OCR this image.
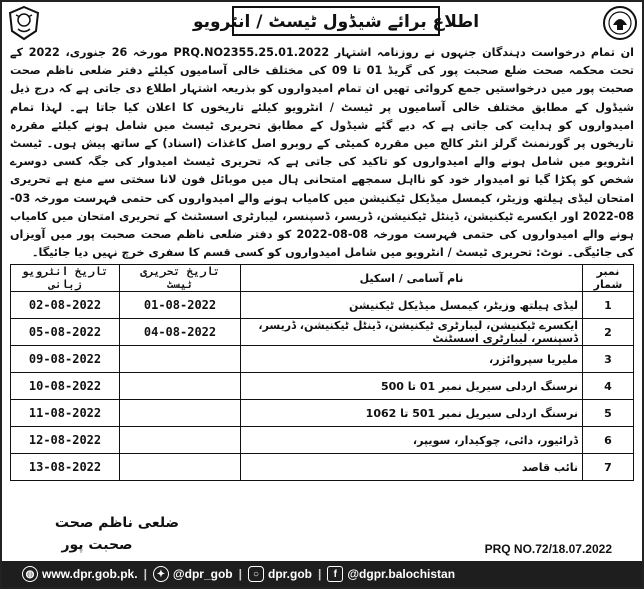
اطلاع برائے شیڈول ٹیسٹ / انٹرویو
ان تمام درخواست دہندگان جنہوں نے روزنامہ اشتہار PRQ.NO2355.25.01.2022 مورخہ 26 جنوری، 2022 کے تحت محکمہ صحت ضلع صحبت پور کی گریڈ 01 تا 09 کی مختلف خالی آسامیوں کیلئے دفتر ضلعی ناظم صحت صحبت پور میں درخواستیں جمع کروائی تھیں ان تمام امیدواروں کو بذریعہ اشتہار اطلاع دی جاتی ہے کہ درج ذیل شیڈول کے مطابق مختلف خالی آسامیوں پر ٹیسٹ / انٹرویو کیلئے تاریخوں کا اعلان کیا جاتا ہے۔ لہذا تمام امیدواروں کو ہدایت کی جاتی ہے کہ دیے گئے شیڈول کے مطابق تحریری ٹیسٹ میں شامل ہونے کیلئے مقررہ تاریخوں پر گورنمنٹ گرلز انٹر کالج میں مقررہ کمیٹی کے روبرو اصل کاغذات (اسناد) کے ساتھ پیش ہوں۔ ٹیسٹ انٹرویو میں شامل ہونے والے امیدواروں کو تاکید کی جاتی ہے کہ تحریری ٹیسٹ امیدوار کی جگہ کسی دوسرے شخص کو پکڑا گیا تو امیدوار خود کو نااہل سمجھے امتحانی ہال میں موبائل فون لانا سختی سے منع ہے تحریری امتحان لیڈی ہیلتھ وزیٹر، کیمسل میڈیکل ٹیکنیشن میں کامیاب ہونے والے امیدواروں کی حتمی فہرست مورخہ 03-08-2022 اور ایکسرے ٹیکنیشن، ڈینٹل ٹیکنیشن، ڈریسر، ڈسپنسر، لیبارٹری اسسٹنٹ کے تحریری امتحان میں کامیاب ہونے والے امیدواروں کی حتمی فہرست مورخہ 08-08-2022 کو دفتر ضلعی ناظم صحت صحبت پور میں آویزاں کی جائیگی۔ نوٹ: تحریری ٹیسٹ / انٹرویو میں شامل امیدواروں کو کسی قسم کا سفری خرچ نہیں دیا جائیگا۔
تاریخ انٹرویو زبانی	تاریخ تحریری ٹیسٹ	نام آسامی / اسکیل	نمبر شمار
02-08-2022	01-08-2022	لیڈی ہیلتھ وزیٹر، کیمسل میڈیکل ٹیکنیشن	1
05-08-2022	04-08-2022	ایکسرے ٹیکنیشن، لیبارٹری ٹیکنیشن، ڈینٹل ٹیکنیشن، ڈریسر، ڈسپنسر، لیبارٹری اسسٹنٹ	2
09-08-2022		ملیریا سپروائزر،	3
10-08-2022		نرسنگ اردلی سیریل نمبر 01 تا 500	4
11-08-2022		نرسنگ اردلی سیریل نمبر 501 تا 1062	5
12-08-2022		ڈرائیور، دائی، چوکیدار، سویپر،	6
13-08-2022		نائب قاصد	7
ضلعی ناظم صحت
صحبت پور	PRQ NO.72/18.07.2022
◍ www.dpr.gob.pk. | ✦ @dpr_gob |	○ dpr.gob |	f @dgpr.balochistan
